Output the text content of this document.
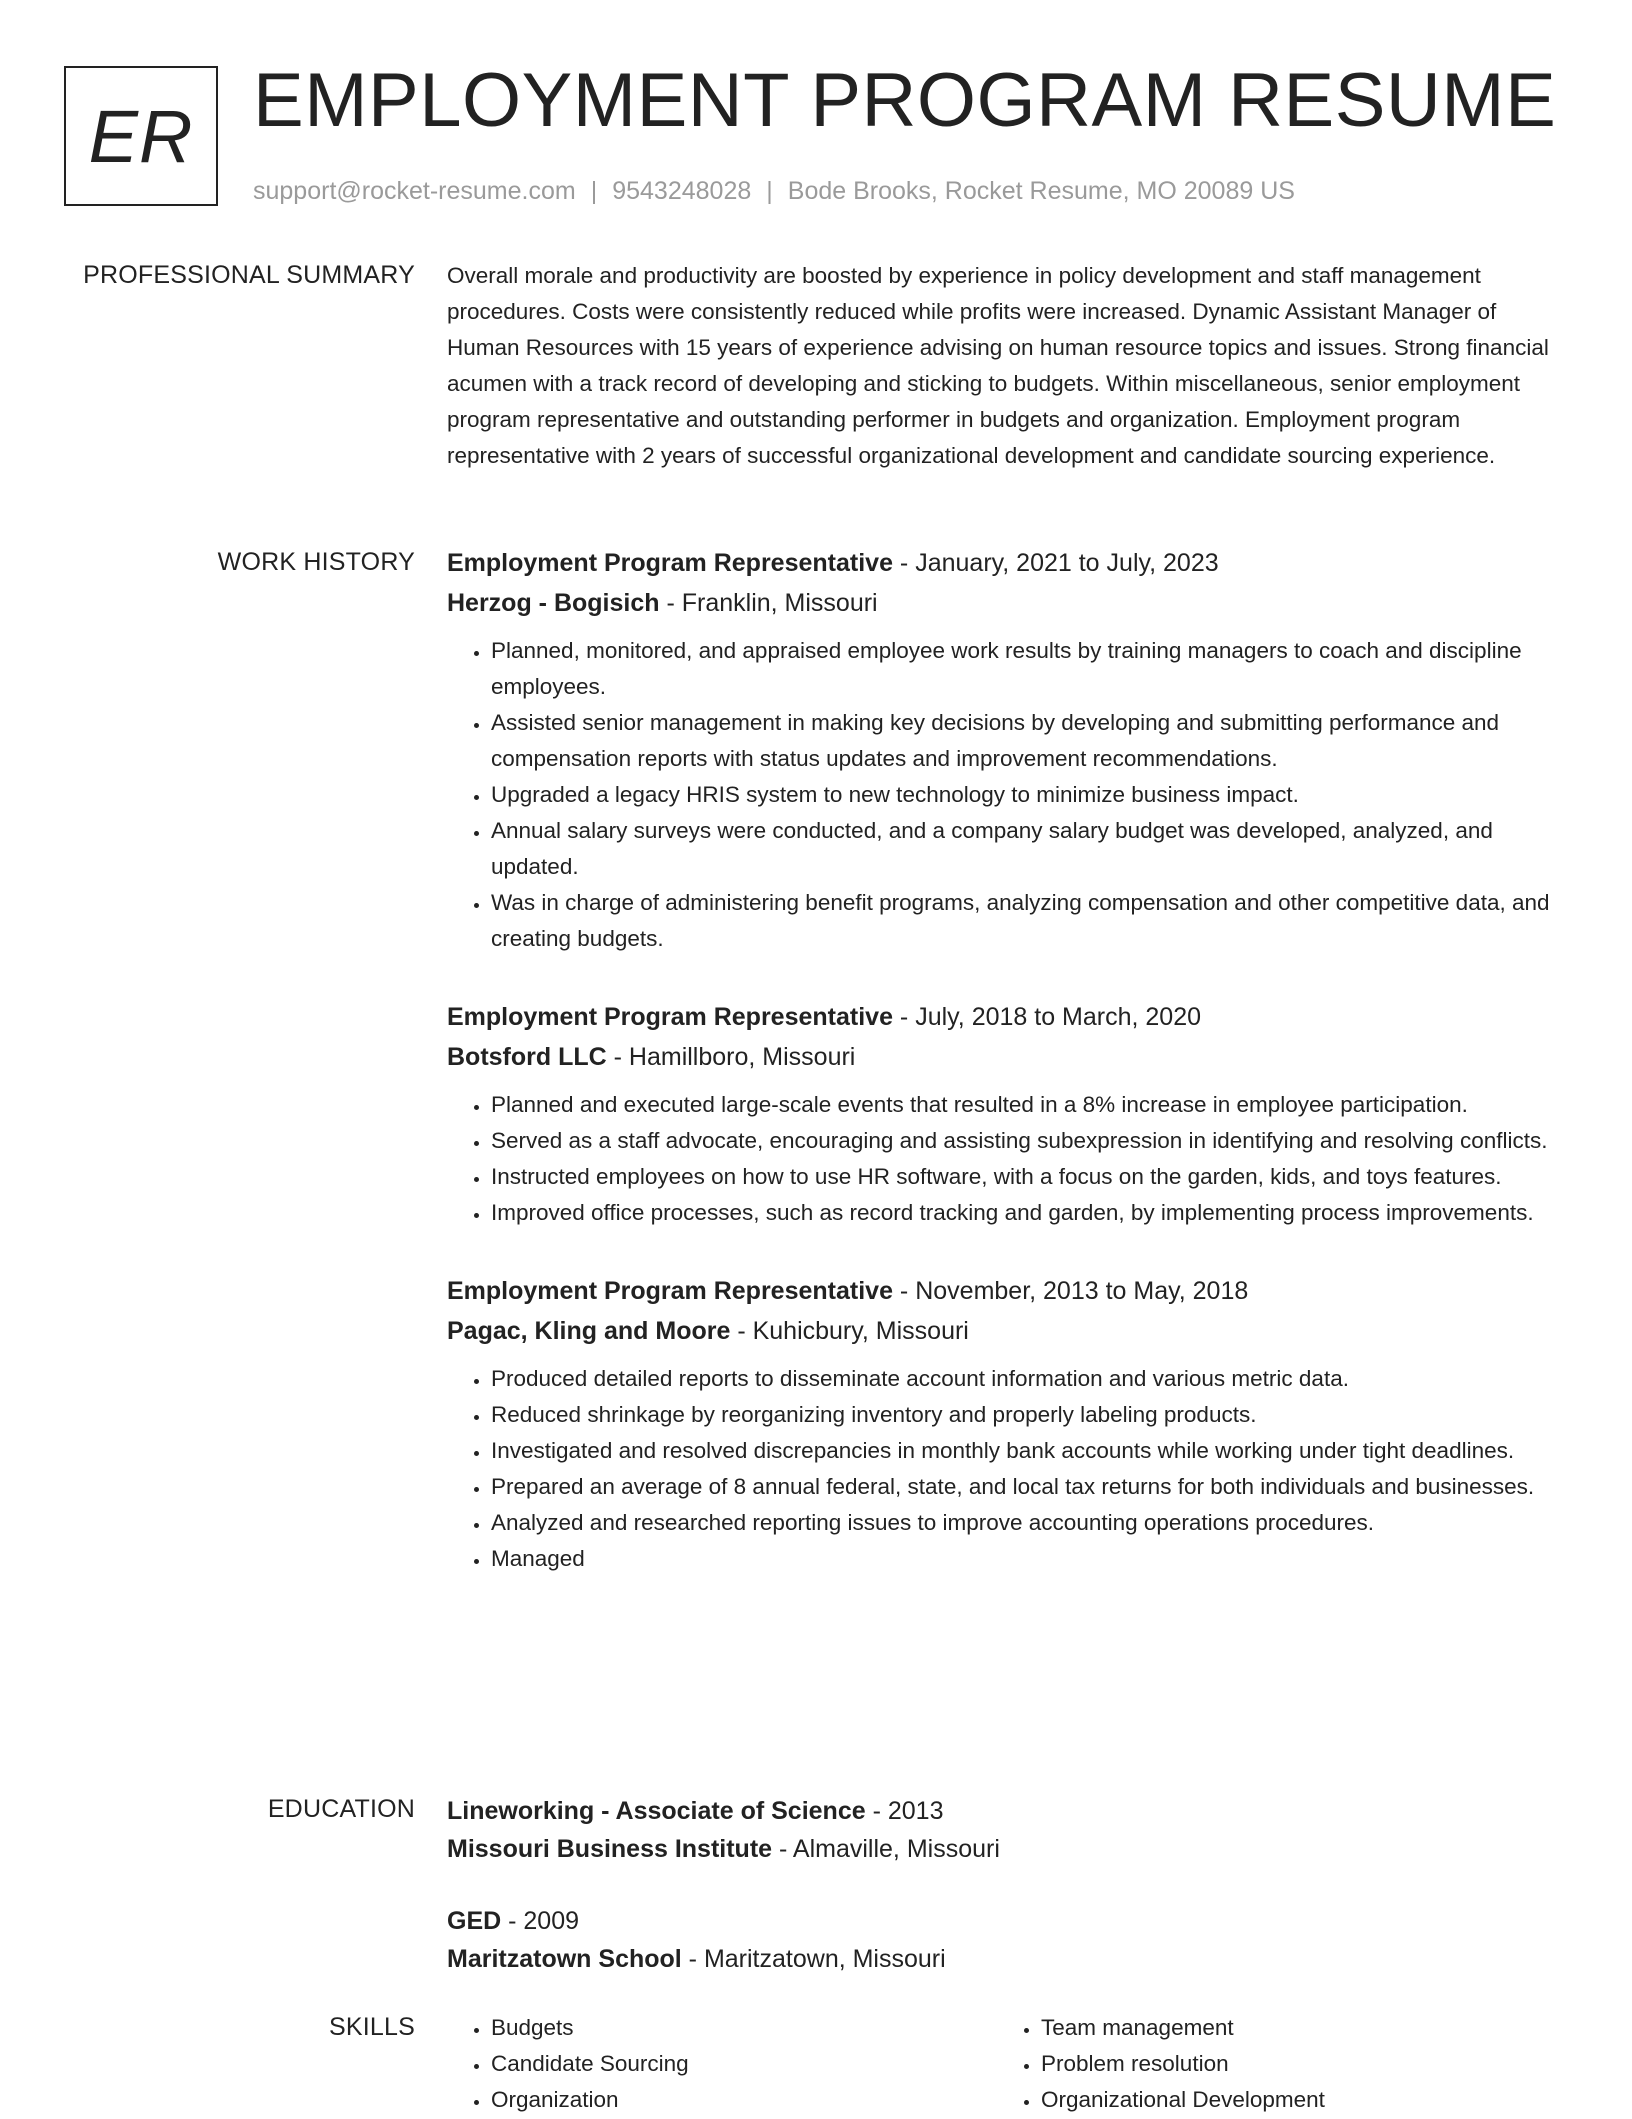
ER EMPLOYMENT PROGRAM RESUME
support@rocket-resume.com | 9543248028 | Bode Brooks, Rocket Resume, MO 20089 US
PROFESSIONAL SUMMARY Overall morale and productivity are boosted by experience in policy development and staff management procedures. Costs were consistently reduced while profits were increased. Dynamic Assistant Manager of Human Resources with 15 years of experience advising on human resource topics and issues. Strong financial acumen with a track record of developing and sticking to budgets. Within miscellaneous, senior employment program representative and outstanding performer in budgets and organization. Employment program representative with 2 years of successful organizational development and candidate sourcing experience.

WORK HISTORY Employment Program Representative - January, 2021 to July, 2023
Herzog - Bogisich - Franklin, Missouri
• Planned, monitored, and appraised employee work results by training managers to coach and discipline employees.
• Assisted senior management in making key decisions by developing and submitting performance and compensation reports with status updates and improvement recommendations.
• Upgraded a legacy HRIS system to new technology to minimize business impact.
• Annual salary surveys were conducted, and a company salary budget was developed, analyzed, and updated.
• Was in charge of administering benefit programs, analyzing compensation and other competitive data, and creating budgets.
Employment Program Representative - July, 2018 to March, 2020
Botsford LLC - Hamillboro, Missouri
• Planned and executed large-scale events that resulted in a 8% increase in employee participation.
• Served as a staff advocate, encouraging and assisting subexpression in identifying and resolving conflicts.
• Instructed employees on how to use HR software, with a focus on the garden, kids, and toys features.
• Improved office processes, such as record tracking and garden, by implementing process improvements.
Employment Program Representative - November, 2013 to May, 2018
Pagac, Kling and Moore - Kuhicbury, Missouri
• Produced detailed reports to disseminate account information and various metric data.
• Reduced shrinkage by reorganizing inventory and properly labeling products.
• Investigated and resolved discrepancies in monthly bank accounts while working under tight deadlines.
• Prepared an average of 8 annual federal, state, and local tax returns for both individuals and businesses.
• Analyzed and researched reporting issues to improve accounting operations procedures.
• Managed
EDUCATION Lineworking - Associate of Science - 2013
Missouri Business Institute - Almaville, Missouri
GED - 2009
Maritzatown School - Maritzatown, Missouri
SKILLS
•	Budgets
• Candidate Sourcing
• Organization
• Team management
• Problem resolution
• Organizational Development
